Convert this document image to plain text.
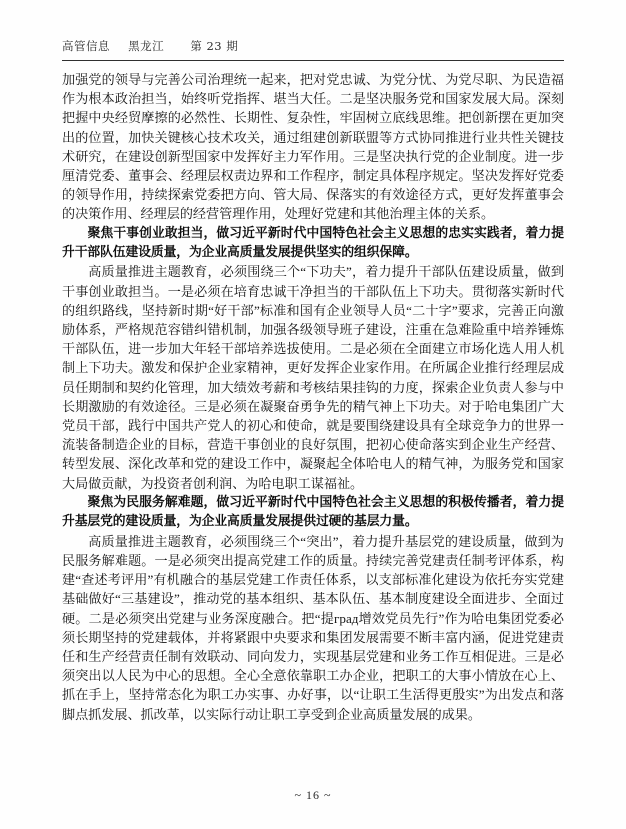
高管信息 黑龙江 第 23 期

加强党的领导与完善公司治理统一起来，把对党忠诚、为党分忧、为党尽职、为民造福作为根本政治担当，始终听党指挥、堪当大任。二是坚决服务党和国家发展大局。深刻把握中央经贸摩擦的必然性、长期性、复杂性，牢固树立底线思维。把创新摆在更加突出的位置，加快关键核心技术攻关，通过组建创新联盟等方式协同推进行业共性关键技术研究，在建设创新型国家中发挥好主力军作用。三是坚决执行党的企业制度。进一步厘清党委、董事会、经理层权责边界和工作程序，制定具体程序规定。坚决发挥好党委的领导作用，持续探索党委把方向、管大局、保落实的有效途径方式，更好发挥董事会的决策作用、经理层的经营管理作用，处理好党建和其他治理主体的关系。

聚焦干事创业敢担当，做习近平新时代中国特色社会主义思想的忠实实践者，着力提升干部队伍建设质量，为企业高质量发展提供坚实的组织保障。

高质量推进主题教育，必须围绕三个“下功夫”，着力提升干部队伍建设质量，做到干事创业敢担当。一是必须在培育忠诚干净担当的干部队伍上下功夫。贯彻落实新时代的组织路线，坚持新时期“好干部”标准和国有企业领导人员“二十字”要求，完善正向激励体系，严格规范容错纠错机制，加强各级领导班子建设，注重在急难险重中培养锤炼干部队伍，进一步加大年轻干部培养选拔使用。二是必须在全面建立市场化选人用人机制上下功夫。激发和保护企业家精神，更好发挥企业家作用。在所属企业推行经理层成员任期制和契约化管理，加大绩效考薪和考核结果挂钩的力度，探索企业负责人参与中长期激励的有效途径。三是必须在凝聚奋勇争先的精气神上下功夫。对于哈电集团广大党员干部，践行中国共产党人的初心和使命，就是要围绕建设具有全球竞争力的世界一流装备制造企业的目标，营造干事创业的良好氛围，把初心使命落实到企业生产经营、转型发展、深化改革和党的建设工作中，凝聚起全体哈电人的精气神，为服务党和国家大局做贡献，为投资者创利润、为哈电职工谋福祉。

聚焦为民服务解难题，做习近平新时代中国特色社会主义思想的积极传播者，着力提升基层党的建设质量，为企业高质量发展提供过硬的基层力量。

高质量推进主题教育，必须围绕三个“突出”，着力提升基层党的建设质量，做到为民服务解难题。一是必须突出提高党建工作的质量。持续完善党建责任制考评体系，构建“查述考评用”有机融合的基层党建工作责任体系，以支部标准化建设为依托夯实党建基础做好“三基建设”，推动党的基本组织、基本队伍、基本制度建设全面进步、全面过硬。二是必须突出党建与业务深度融合。把“提град增效党员先行”作为哈电集团党委必须长期坚持的党建载体，并将紧跟中央要求和集团发展需要不断丰富内涵，促进党建责任和生产经营责任制有效联动、同向发力，实现基层党建和业务工作互相促进。三是必须突出以人民为中心的思想。全心全意依靠职工办企业，把职工的大事小情放在心上、抓在手上，坚持常态化为职工办实事、办好事，以“让职工生活得更殷实”为出发点和落脚点抓发展、抓改革，以实际行动让职工享受到企业高质量发展的成果。

~ 16 ~
